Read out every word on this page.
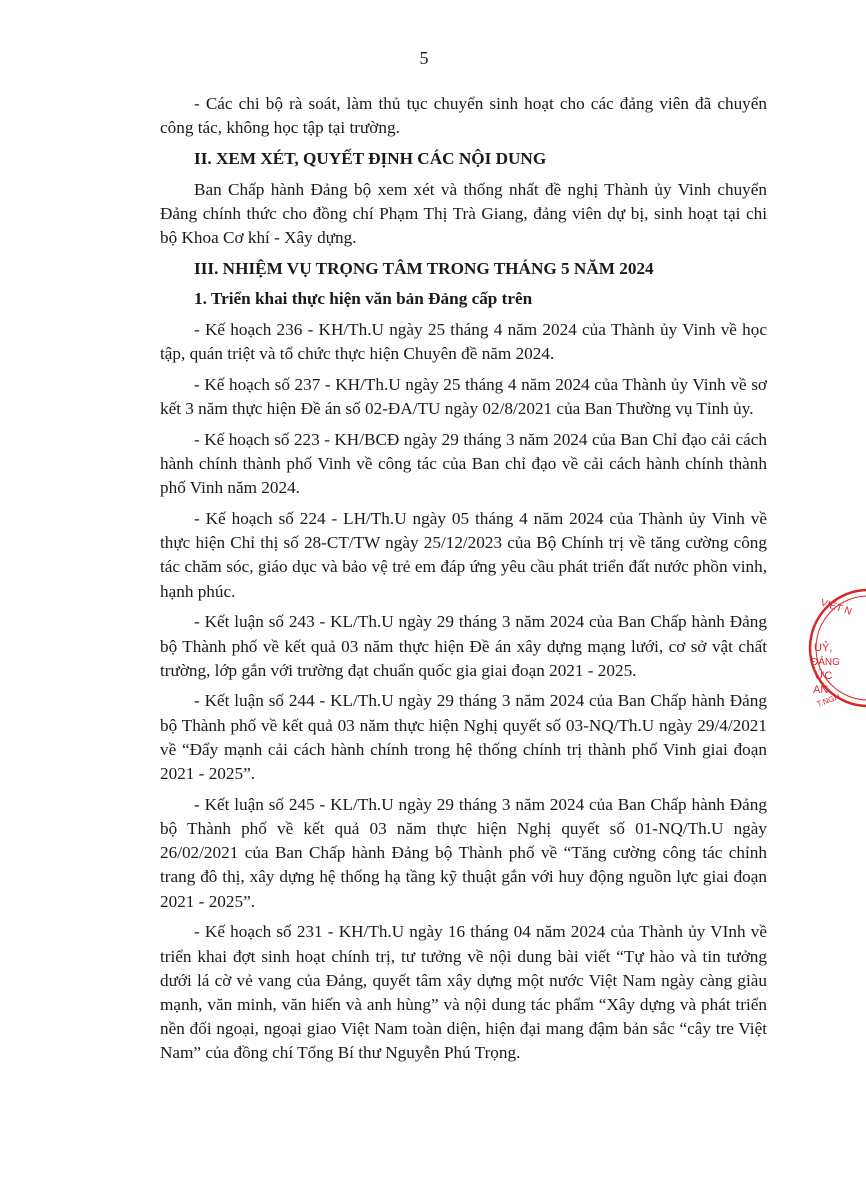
5

- Các chi bộ rà soát, làm thủ tục chuyển sinh hoạt cho các đảng viên đã chuyển công tác, không học tập tại trường.

II. XEM XÉT, QUYẾT ĐỊNH CÁC NỘI DUNG

Ban Chấp hành Đảng bộ xem xét và thống nhất đề nghị Thành ủy Vinh chuyển Đảng chính thức cho đồng chí Phạm Thị Trà Giang, đảng viên dự bị, sinh hoạt tại chi bộ Khoa Cơ khí - Xây dựng.

III. NHIỆM VỤ TRỌNG TÂM TRONG THÁNG 5 NĂM 2024
1. Triển khai thực hiện văn bản Đảng cấp trên

- Kế hoạch 236 - KH/Th.U ngày 25 tháng 4 năm 2024 của Thành ủy Vinh về học tập, quán triệt và tổ chức thực hiện Chuyên đề năm 2024.

- Kế hoạch số 237 - KH/Th.U ngày 25 tháng 4 năm 2024 của Thành ủy Vinh về sơ kết 3 năm thực hiện Đề án số 02-ĐA/TU ngày 02/8/2021 của Ban Thường vụ Tỉnh ủy.

- Kế hoạch số 223 - KH/BCĐ ngày 29 tháng 3 năm 2024 của Ban Chỉ đạo cải cách hành chính thành phố Vinh về công tác của Ban chỉ đạo về cải cách hành chính thành phố Vinh năm 2024.

- Kế hoạch số 224 - LH/Th.U ngày 05 tháng 4 năm 2024 của Thành ủy Vinh về thực hiện Chỉ thị số 28-CT/TW ngày 25/12/2023 của Bộ Chính trị về tăng cường công tác chăm sóc, giáo dục và bảo vệ trẻ em đáp ứng yêu cầu phát triển đất nước phồn vinh, hạnh phúc.

- Kết luận số 243 - KL/Th.U ngày 29 tháng 3 năm 2024 của Ban Chấp hành Đảng bộ Thành phố về kết quả 03 năm thực hiện Đề án xây dựng mạng lưới, cơ sở vật chất trường, lớp gắn với trường đạt chuẩn quốc gia giai đoạn 2021 - 2025.

- Kết luận số 244 - KL/Th.U ngày 29 tháng 3 năm 2024 của Ban Chấp hành Đảng bộ Thành phố về kết quả 03 năm thực hiện Nghị quyết số 03-NQ/Th.U ngày 29/4/2021 về “Đẩy mạnh cải cách hành chính trong hệ thống chính trị thành phố Vinh giai đoạn 2021 - 2025”.

- Kết luận số 245 - KL/Th.U ngày 29 tháng 3 năm 2024 của Ban Chấp hành Đảng bộ Thành phố về kết quả 03 năm thực hiện Nghị quyết số 01-NQ/Th.U ngày 26/02/2021 của Ban Chấp hành Đảng bộ Thành phố về “Tăng cường công tác chỉnh trang đô thị, xây dựng hệ thống hạ tầng kỹ thuật gắn với huy động nguồn lực giai đoạn 2021 - 2025”.

- Kế hoạch số 231 - KH/Th.U ngày 16 tháng 04 năm 2024 của Thành ủy VInh về triển khai đợt sinh hoạt chính trị, tư tưởng về nội dung bài viết “Tự hào và tin tưởng dưới lá cờ vẻ vang của Đảng, quyết tâm xây dựng một nước Việt Nam ngày càng giàu mạnh, văn minh, văn hiến và anh hùng” và nội dung tác phẩm “Xây dựng và phát triển nền đối ngoại, ngoại giao Việt Nam toàn diện, hiện đại mang đậm bản sắc “cây tre Việt Nam” của đồng chí Tổng Bí thư Nguyễn Phú Trọng.

VIỆT N
UỶ,
ĐẢNG
ỨC
AN
T.NGH
